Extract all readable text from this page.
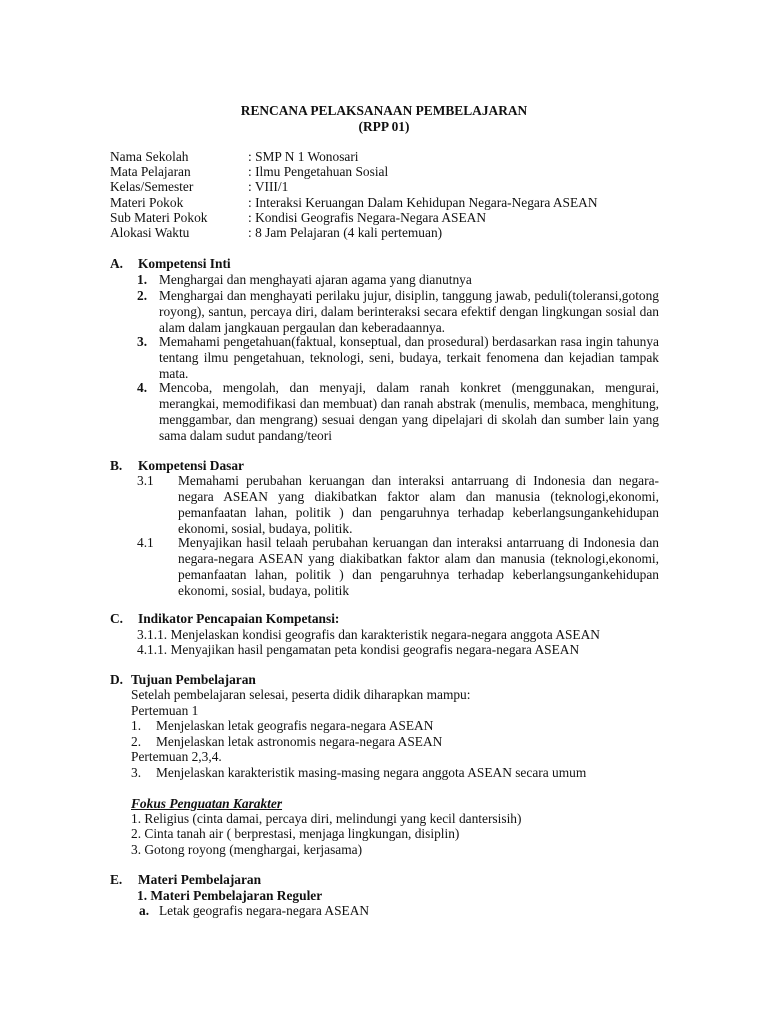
RENCANA PELAKSANAAN PEMBELAJARAN
(RPP 01)
Nama Sekolah	: SMP N 1 Wonosari
Mata Pelajaran	: Ilmu Pengetahuan Sosial
Kelas/Semester	: VIII/1
Materi Pokok	: Interaksi Keruangan Dalam Kehidupan Negara-Negara ASEAN
Sub Materi Pokok	: Kondisi Geografis Negara-Negara ASEAN
Alokasi Waktu	: 8 Jam Pelajaran (4 kali pertemuan)
A. Kompetensi Inti
1. Menghargai dan menghayati ajaran agama yang dianutnya
2. Menghargai dan menghayati perilaku jujur, disiplin, tanggung jawab, peduli(toleransi,gotong royong), santun, percaya diri, dalam berinteraksi secara efektif dengan lingkungan sosial dan alam dalam jangkauan pergaulan dan keberadaannya.
3. Memahami pengetahuan(faktual, konseptual, dan prosedural) berdasarkan rasa ingin tahunya tentang ilmu pengetahuan, teknologi, seni, budaya, terkait fenomena dan kejadian tampak mata.
4. Mencoba, mengolah, dan menyaji, dalam ranah konkret (menggunakan, mengurai, merangkai, memodifikasi dan membuat) dan ranah abstrak (menulis, membaca, menghitung, menggambar, dan mengrang) sesuai dengan yang dipelajari di skolah dan sumber lain yang sama dalam sudut pandang/teori
B. Kompetensi Dasar
3.1 Memahami perubahan keruangan dan interaksi antarruang di Indonesia dan negara-negara ASEAN yang diakibatkan faktor alam dan manusia (teknologi,ekonomi, pemanfaatan lahan, politik ) dan pengaruhnya terhadap keberlangsungankehidupan ekonomi, sosial, budaya, politik.
4.1 Menyajikan hasil telaah perubahan keruangan dan interaksi antarruang di Indonesia dan negara-negara ASEAN yang diakibatkan faktor alam dan manusia (teknologi,ekonomi, pemanfaatan lahan, politik ) dan pengaruhnya terhadap keberlangsungankehidupan ekonomi, sosial, budaya, politik
C. Indikator Pencapaian Kompetansi:
3.1.1. Menjelaskan kondisi geografis dan karakteristik negara-negara anggota ASEAN
4.1.1. Menyajikan hasil pengamatan peta kondisi geografis negara-negara ASEAN
D. Tujuan Pembelajaran
Setelah pembelajaran selesai, peserta didik diharapkan mampu:
Pertemuan 1
1. Menjelaskan letak geografis negara-negara ASEAN
2. Menjelaskan letak astronomis negara-negara ASEAN
Pertemuan 2,3,4.
3. Menjelaskan karakteristik masing-masing negara anggota ASEAN secara umum
Fokus Penguatan Karakter
1. Religius (cinta damai, percaya diri, melindungi yang kecil dantersisih)
2. Cinta tanah air ( berprestasi, menjaga lingkungan, disiplin)
3. Gotong royong (menghargai, kerjasama)
E. Materi Pembelajaran
1. Materi Pembelajaran Reguler
a. Letak geografis negara-negara ASEAN
